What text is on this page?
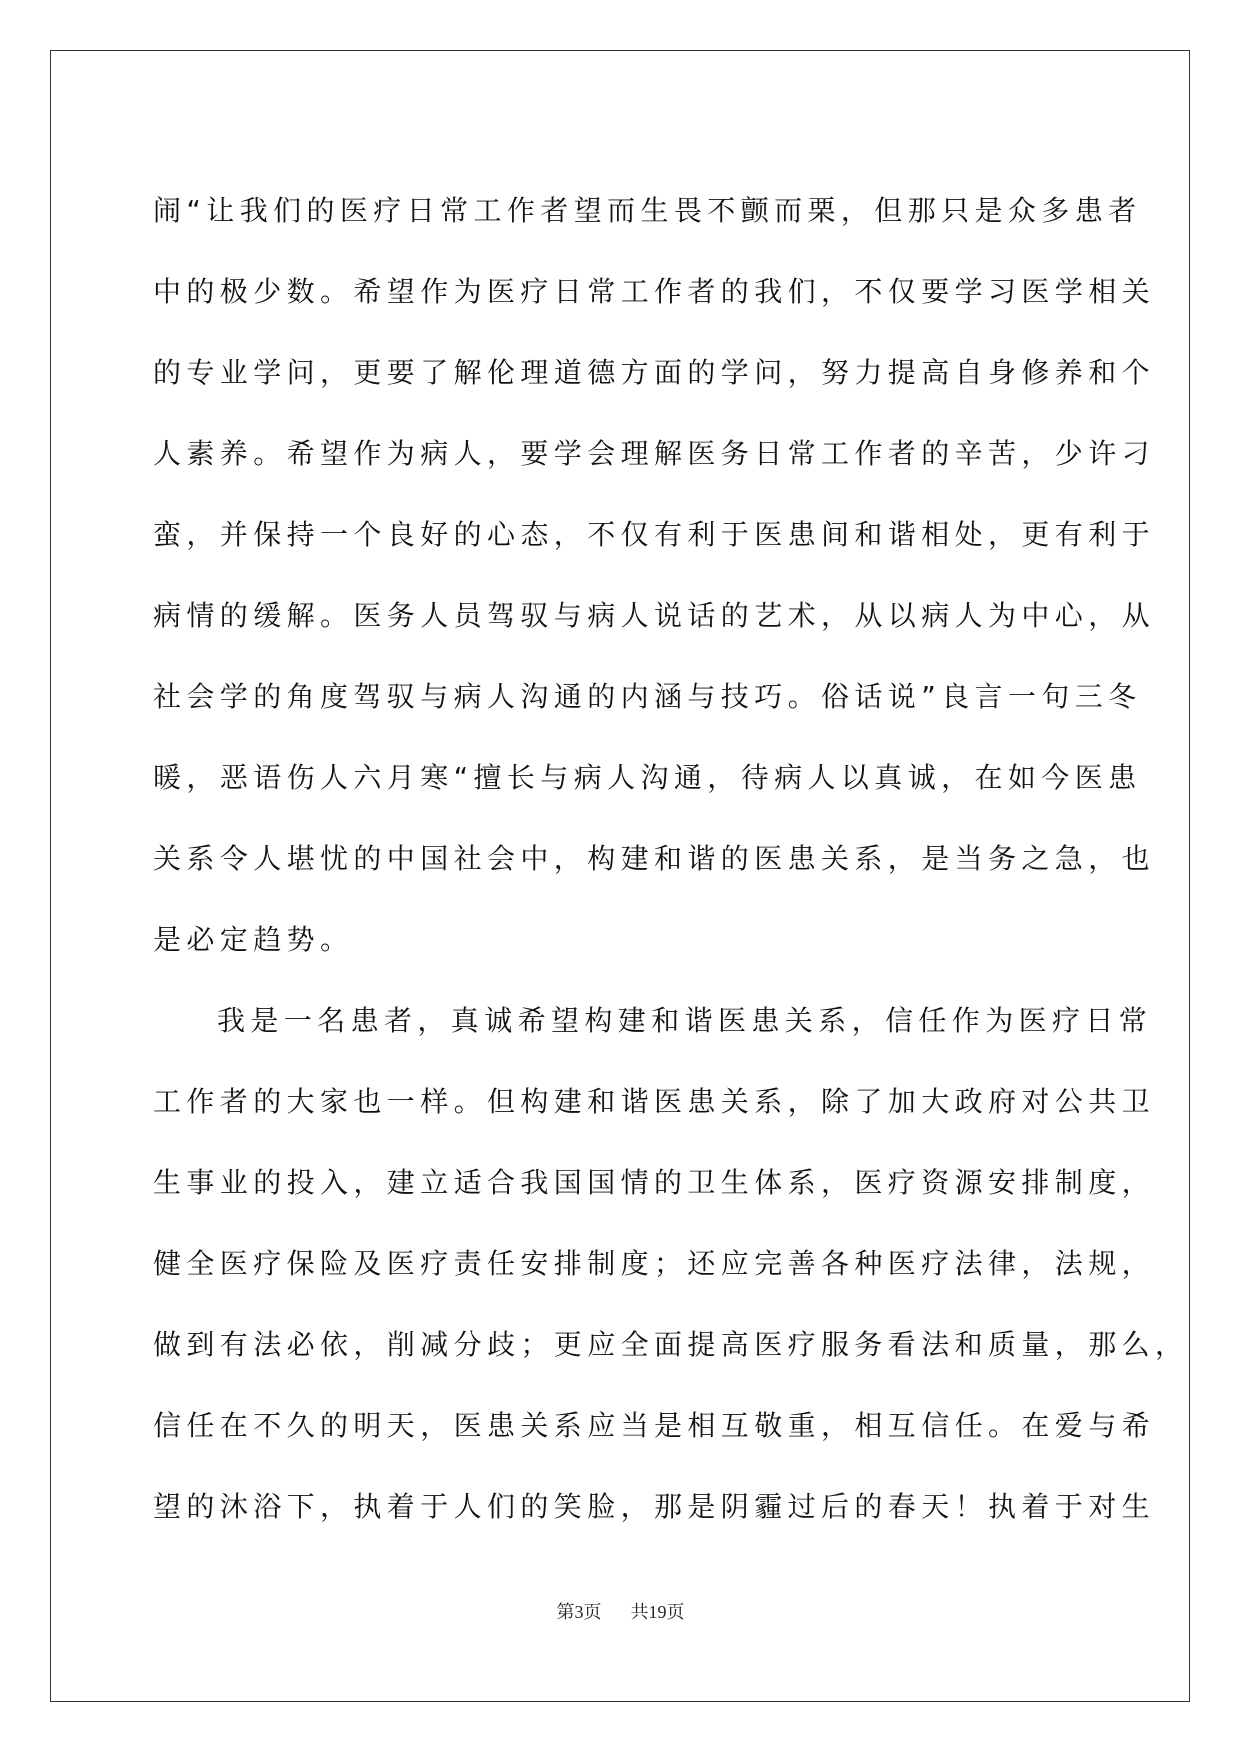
闹“让我们的医疗日常工作者望而生畏不颤而栗，但那只是众多患者
中的极少数。希望作为医疗日常工作者的我们，不仅要学习医学相关
的专业学问，更要了解伦理道德方面的学问，努力提高自身修养和个
人素养。希望作为病人，要学会理解医务日常工作者的辛苦，少许刁
蛮，并保持一个良好的心态，不仅有利于医患间和谐相处，更有利于
病情的缓解。医务人员驾驭与病人说话的艺术，从以病人为中心，从
社会学的角度驾驭与病人沟通的内涵与技巧。俗话说”良言一句三冬
暖，恶语伤人六月寒“擅长与病人沟通，待病人以真诚，在如今医患
关系令人堪忧的中国社会中，构建和谐的医患关系，是当务之急，也
是必定趋势。
我是一名患者，真诚希望构建和谐医患关系，信任作为医疗日常
工作者的大家也一样。但构建和谐医患关系，除了加大政府对公共卫
生事业的投入，建立适合我国国情的卫生体系，医疗资源安排制度，
健全医疗保险及医疗责任安排制度；还应完善各种医疗法律，法规，
做到有法必依，削减分歧；更应全面提高医疗服务看法和质量，那么，
信任在不久的明天，医患关系应当是相互敬重，相互信任。在爱与希
望的沐浴下，执着于人们的笑脸，那是阴霾过后的春天！执着于对生
第3页 共19页
